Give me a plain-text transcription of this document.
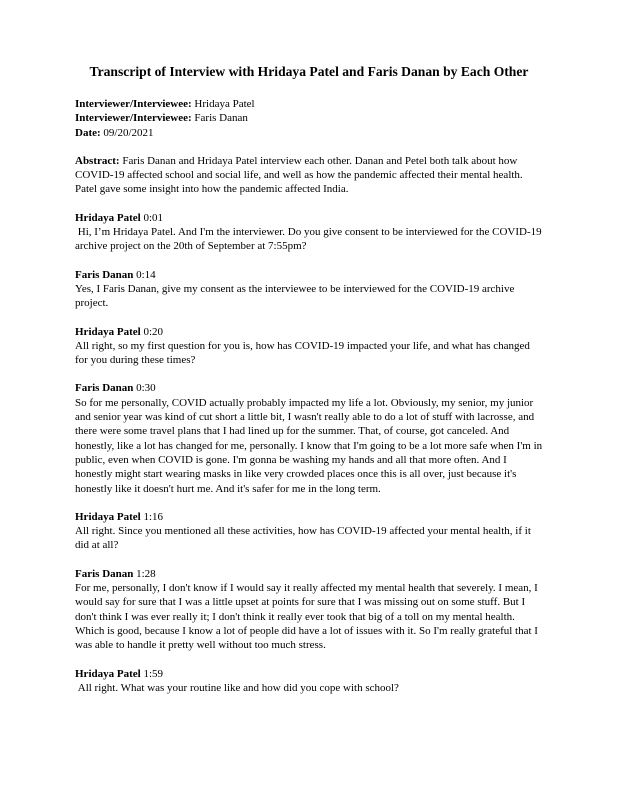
Transcript of Interview with Hridaya Patel and Faris Danan by Each Other

Interviewer/Interviewee: Hridaya Patel

Interviewer/Interviewee: Faris Danan

Date: 09/20/2021

Abstract: Faris Danan and Hridaya Patel interview each other. Danan and Petel both talk about how COVID-19 affected school and social life, and well as how the pandemic affected their mental health. Patel gave some insight into how the pandemic affected India.

Hridaya Patel 0:01

Hi, I’m Hridaya Patel. And I'm the interviewer. Do you give consent to be interviewed for the COVID-19 archive project on the 20th of September at 7:55pm?

Faris Danan 0:14

Yes, I Faris Danan, give my consent as the interviewee to be interviewed for the COVID-19 archive project.

Hridaya Patel 0:20

All right, so my first question for you is, how has COVID-19 impacted your life, and what has changed for you during these times?

Faris Danan 0:30

So for me personally, COVID actually probably impacted my life a lot. Obviously, my senior, my junior and senior year was kind of cut short a little bit, I wasn't really able to do a lot of stuff with lacrosse, and there were some travel plans that I had lined up for the summer. That, of course, got canceled. And honestly, like a lot has changed for me, personally. I know that I'm going to be a lot more safe when I'm in public, even when COVID is gone. I'm gonna be washing my hands and all that more often. And I honestly might start wearing masks in like very crowded places once this is all over, just because it's honestly like it doesn't hurt me. And it's safer for me in the long term.

Hridaya Patel 1:16

All right. Since you mentioned all these activities, how has COVID-19 affected your mental health, if it did at all?

Faris Danan 1:28

For me, personally, I don't know if I would say it really affected my mental health that severely. I mean, I would say for sure that I was a little upset at points for sure that I was missing out on some stuff. But I don't think I was ever really it; I don't think it really ever took that big of a toll on my mental health. Which is good, because I know a lot of people did have a lot of issues with it. So I'm really grateful that I was able to handle it pretty well without too much stress.

Hridaya Patel 1:59

All right. What was your routine like and how did you cope with school?
